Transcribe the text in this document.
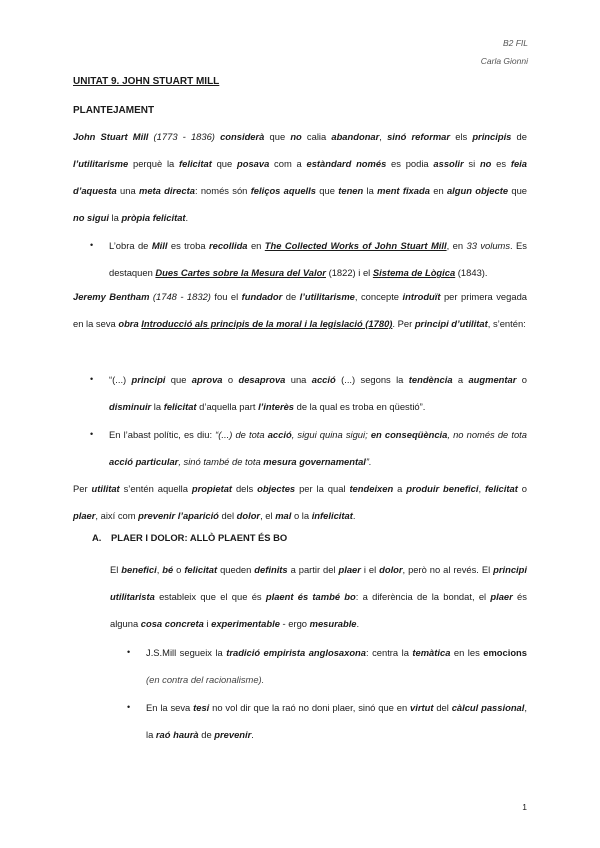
B2 FIL
Carla Gionni
UNITAT 9. JOHN STUART MILL
PLANTEJAMENT
John Stuart Mill (1773 - 1836) considerà que no calia abandonar, sinó reformar els principis de l’utilitarisme perquè la felicitat que posava com a estàndard només es podia assolir si no es feia d’aquesta una meta directa: només són feliços aquells que tenen la ment fixada en algun objecte que no sigui la pròpia felicitat.
• L’obra de Mill es troba recollida en The Collected Works of John Stuart Mill, en 33 volums. Es destaquen Dues Cartes sobre la Mesura del Valor (1822) i el Sistema de Lògica (1843).
Jeremy Bentham (1748 - 1832) fou el fundador de l’utilitarisme, concepte introduït per primera vegada en la seva obra Introducció als principis de la moral i la legislació (1780). Per principi d’utilitat, s’entén:
• “(...) principi que aprova o desaprova una acció (...) segons la tendència a augmentar o disminuir la felicitat d’aquella part l’interès de la qual es troba en qüestió”.
• En l’abast polític, es diu: “(...) de tota acció, sigui quina sigui; en conseqüència, no només de tota acció particular, sinó també de tota mesura governamental”.
Per utilitat s’entén aquella propietat dels objectes per la qual tendeixen a produir benefici, felicitat o plaer, així com prevenir l’aparició del dolor, el mal o la infelicitat.
A. PLAER I DOLOR: ALLÒ PLAENT ÉS BO
El benefici, bé o felicitat queden definits a partir del plaer i el dolor, però no al revés. El principi utilitarista estableix que el que és plaent és també bo: a diferència de la bondat, el plaer és alguna cosa concreta i experimentable - ergo mesurable.
• J.S.Mill segueix la tradició empirista anglosaxona: centra la temàtica en les emocions (en contra del racionalisme).
• En la seva tesi no vol dir que la raó no doni plaer, sinó que en virtut del càlcul passional, la raó haurà de prevenir.
1
